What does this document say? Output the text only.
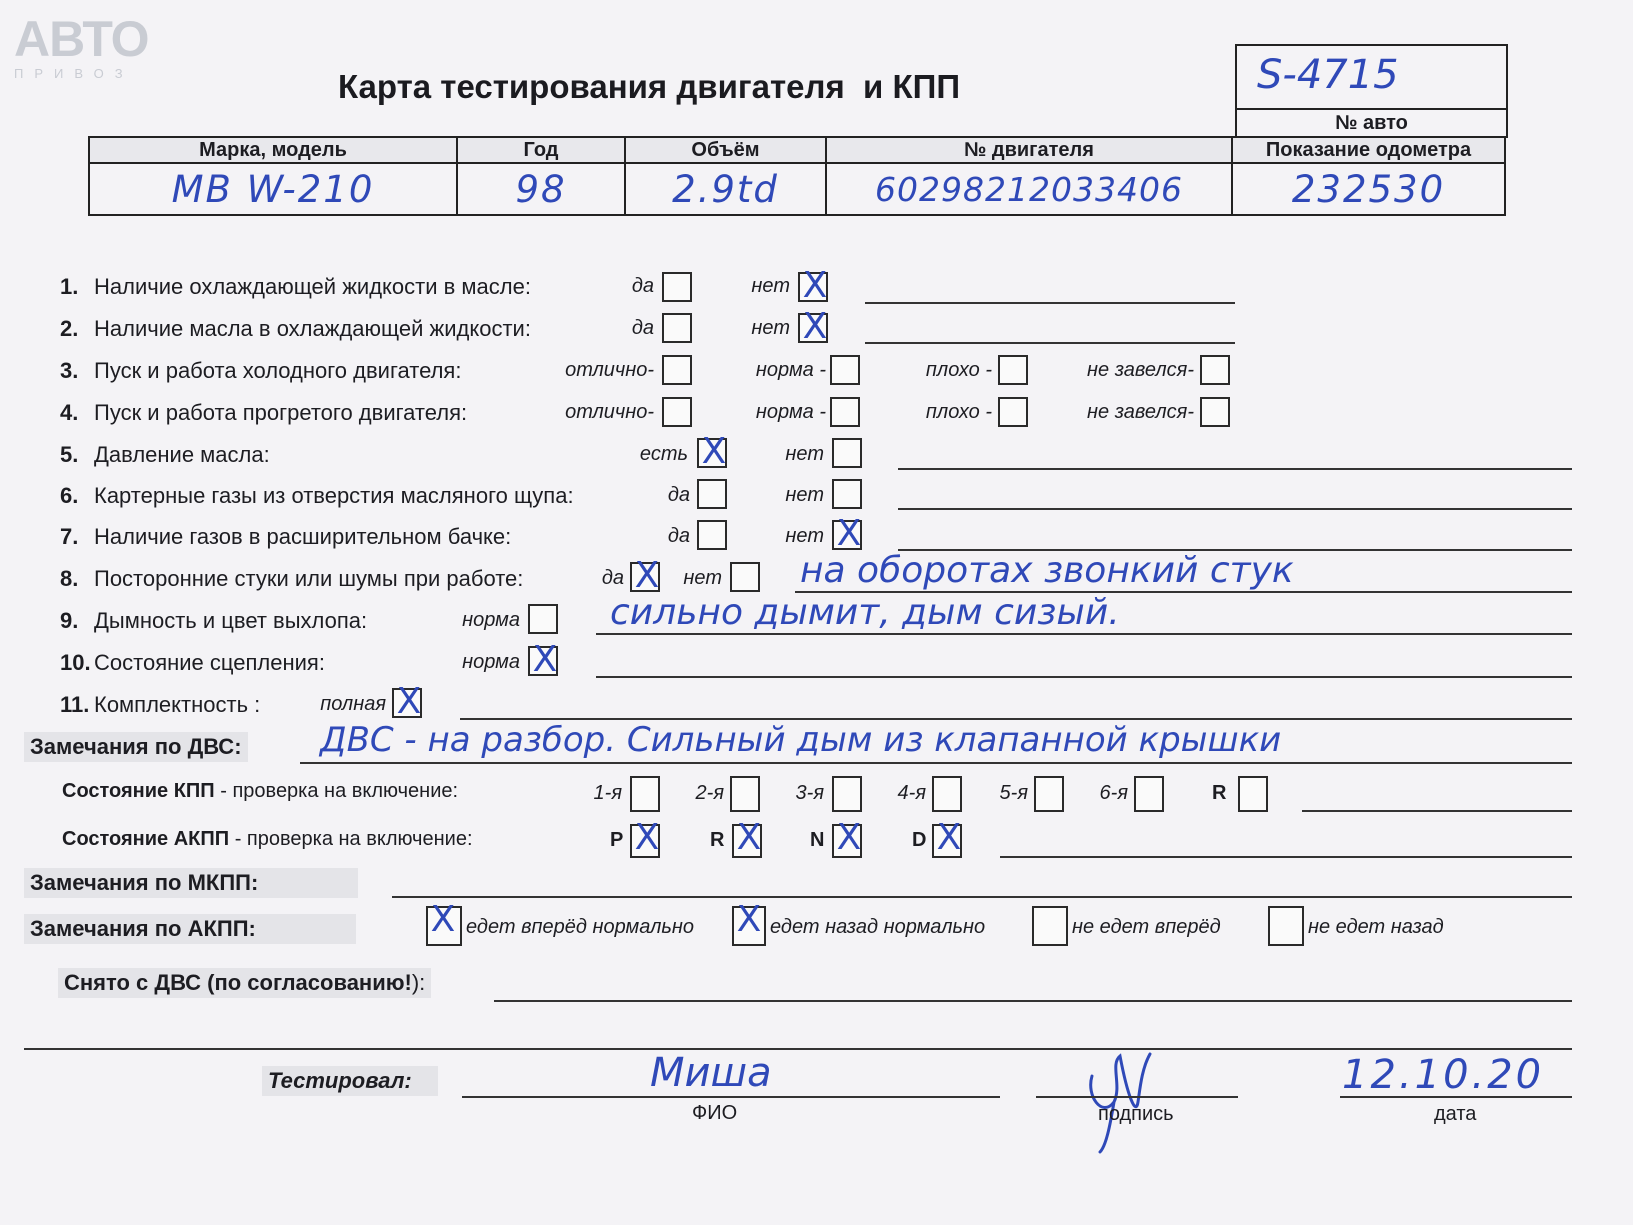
АВТО
ПРИВОЗ	Карта тестирования двигателя  и КПП	S-4715
№ авто
Марка, модель	Год	Объём	№ двигателя	Показание одометра
MB W-210	98	2.9td	60298212033406	232530
1. Наличие охлаждающей жидкости в масле:	да	нет X
2. Наличие масла в охлаждающей жидкости:	да	нет X
3. Пуск и работа холодного двигателя:	отлично-	норма -	плохо -	не завелся-
4. Пуск и работа прогретого двигателя:	отлично-	норма -	плохо -	не завелся-
5. Давление масла:	есть X	нет
6. Картерные газы из отверстия масляного щупа:	да	нет
7. Наличие газов в расширительном бачке:	да	нет X
8. Посторонние стуки или шумы при работе:	да X	нет на оборотах звонкий стук
9. Дымность и цвет выхлопа:	норма	сильно дымит, дым сизый.
10. Состояние сцепления:	норма X
11. Комплектность :	полная X
Замечания по ДВС: ДВС - на разбор. Сильный дым из клапанной крышки
Состояние КПП - проверка на включение:	1-я	2-я	3-я	4-я	5-я	6-я	R
Состояние АКПП - проверка на включение:	P X	R X N X	D X
Замечания по МКПП:
Замечания по АКПП:	X едет вперёд нормально X едет назад нормально	не едет вперёд	не едет назад
Снято с ДВС (по согласованию!):
Тестировал:	Миша
ФИО	подпись
12.10.20
дата
